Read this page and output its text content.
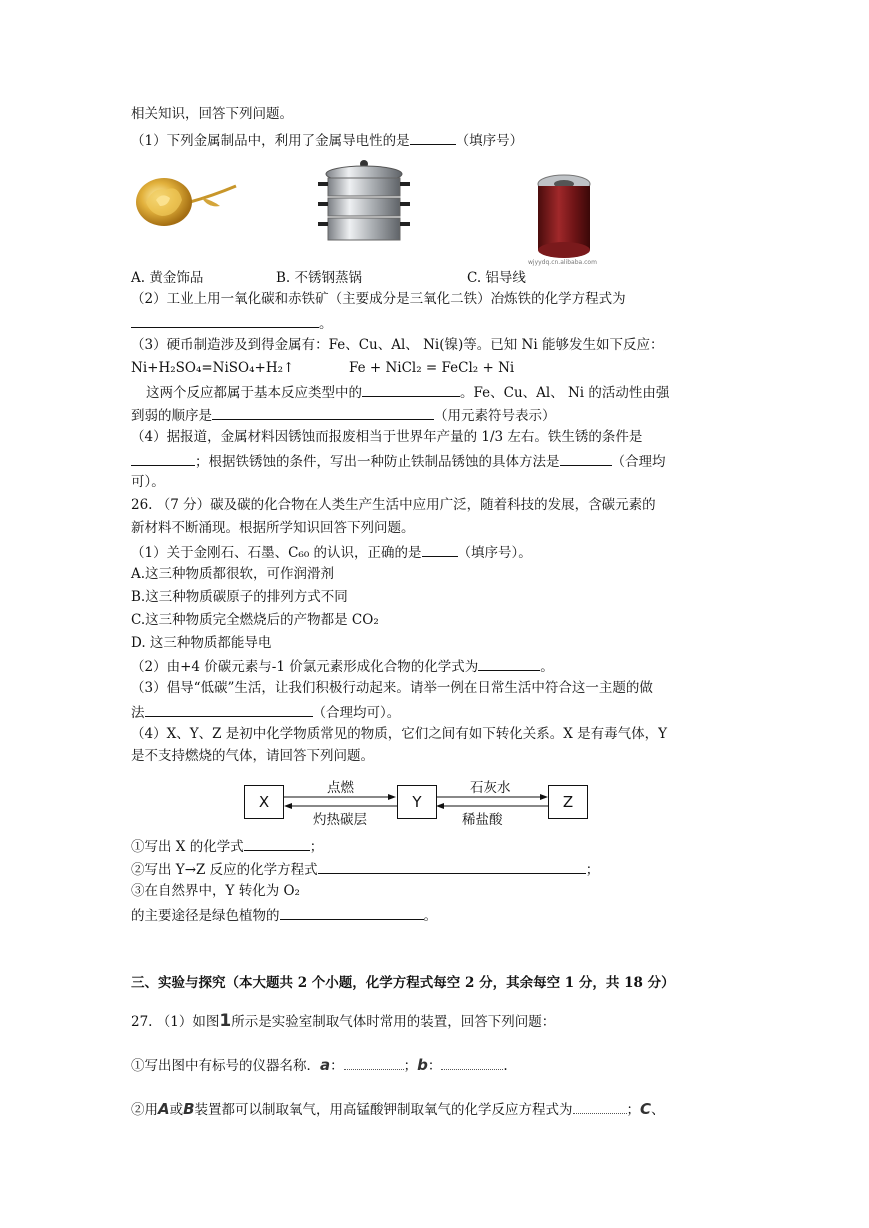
相关知识，回答下列问题。
（1）下列金属制品中，利用了金属导电性的是	（填序号）
wjyydq.cn.alibaba.com
A. 黄金饰品	B. 不锈钢蒸锅	C. 铝导线
（2）工业上用一氧化碳和赤铁矿（主要成分是三氧化二铁）冶炼铁的化学方程式为
。
（3）硬币制造涉及到得金属有：Fe、Cu、Al、 Ni(镍)等。已知 Ni 能够发生如下反应：
Ni+H₂SO₄=NiSO₄+H₂↑	Fe + NiCl₂ = FeCl₂ + Ni
这两个反应都属于基本反应类型中的	。Fe、Cu、Al、 Ni 的活动性由强
到弱的顺序是	（用元素符号表示）
（4）据报道，金属材料因锈蚀而报废相当于世界年产量的 1/3 左右。铁生锈的条件是
；根据铁锈蚀的条件，写出一种防止铁制品锈蚀的具体方法是	（合理均
可）。
26. （7 分）碳及碳的化合物在人类生产生活中应用广泛，随着科技的发展，含碳元素的
新材料不断涌现。根据所学知识回答下列问题。
（1）关于金刚石、石墨、C₆₀ 的认识，正确的是	（填序号）。
A.这三种物质都很软，可作润滑剂
B.这三种物质碳原子的排列方式不同
C.这三种物质完全燃烧后的产物都是 CO₂
D. 这三种物质都能导电
（2）由+4 价碳元素与-1 价氯元素形成化合物的化学式为	。
（3）倡导“低碳”生活，让我们积极行动起来。请举一例在日常生活中符合这一主题的做
法	（合理均可）。
（4）X、Y、Z 是初中化学物质常见的物质，它们之间有如下转化关系。X 是有毒气体，Y
是不支持燃烧的气体，请回答下列问题。
X	Y	Z
点燃
灼热碳层
石灰水
稀盐酸
①写出 X 的化学式	；
②写出 Y→Z 反应的化学方程式	；
③在自然界中，Y 转化为 O₂
的主要途径是绿色植物的	。
三、实验与探究（本大题共 2 个小题，化学方程式每空 2 分，其余每空 1 分，共 18 分）
27. （1）如图1所示是实验室制取气体时常用的装置，回答下列问题：
①写出图中有标号的仪器名称．a：	；b：	.
②用A或B装置都可以制取氧气，用高锰酸钾制取氧气的化学反应方程式为	；C、
